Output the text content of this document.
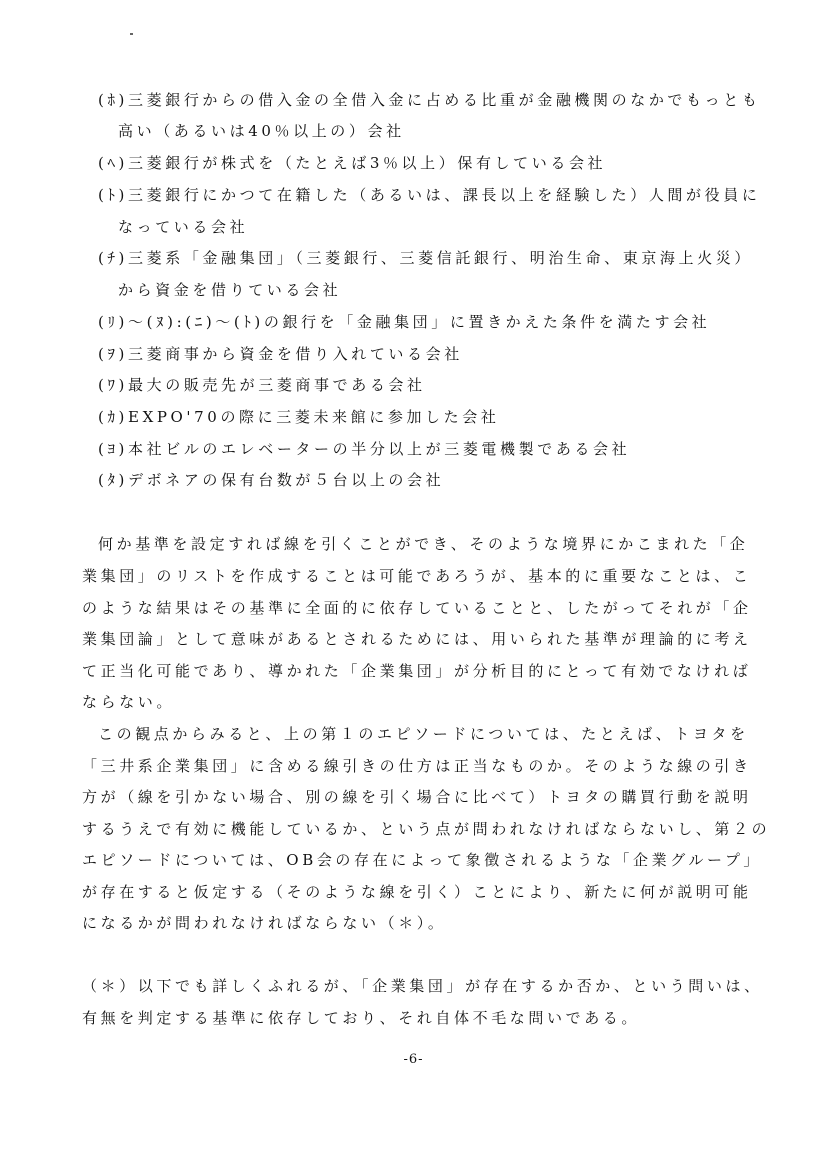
(ﾎ)三菱銀行からの借入金の全借入金に占める比重が金融機関のなかでもっとも
高い（あるいは40％以上の）会社
(ﾍ)三菱銀行が株式を（たとえば3％以上）保有している会社
(ﾄ)三菱銀行にかつて在籍した（あるいは、課長以上を経験した）人間が役員に
なっている会社
(ﾁ)三菱系「金融集団」（三菱銀行、三菱信託銀行、明治生命、東京海上火災）
から資金を借りている会社
(ﾘ)～(ﾇ):(ﾆ)～(ﾄ)の銀行を「金融集団」に置きかえた条件を満たす会社
(ｦ)三菱商事から資金を借り入れている会社
(ﾜ)最大の販売先が三菱商事である会社
(ｶ)EXPO'70の際に三菱未来館に参加した会社
(ﾖ)本社ビルのエレベーターの半分以上が三菱電機製である会社
(ﾀ)デボネアの保有台数が５台以上の会社
何か基準を設定すれば線を引くことができ、そのような境界にかこまれた「企
業集団」のリストを作成することは可能であろうが、基本的に重要なことは、こ
のような結果はその基準に全面的に依存していることと、したがってそれが「企
業集団論」として意味があるとされるためには、用いられた基準が理論的に考え
て正当化可能であり、導かれた「企業集団」が分析目的にとって有効でなければ
ならない。
この観点からみると、上の第１のエピソードについては、たとえば、トヨタを
「三井系企業集団」に含める線引きの仕方は正当なものか。そのような線の引き
方が（線を引かない場合、別の線を引く場合に比べて）トヨタの購買行動を説明
するうえで有効に機能しているか、という点が問われなければならないし、第２の
エピソードについては、OB会の存在によって象徴されるような「企業グループ」
が存在すると仮定する（そのような線を引く）ことにより、新たに何が説明可能
になるかが問われなければならない（＊）。
（＊）以下でも詳しくふれるが、「企業集団」が存在するか否か、という問いは、
有無を判定する基準に依存しており、それ自体不毛な問いである。
-6-
